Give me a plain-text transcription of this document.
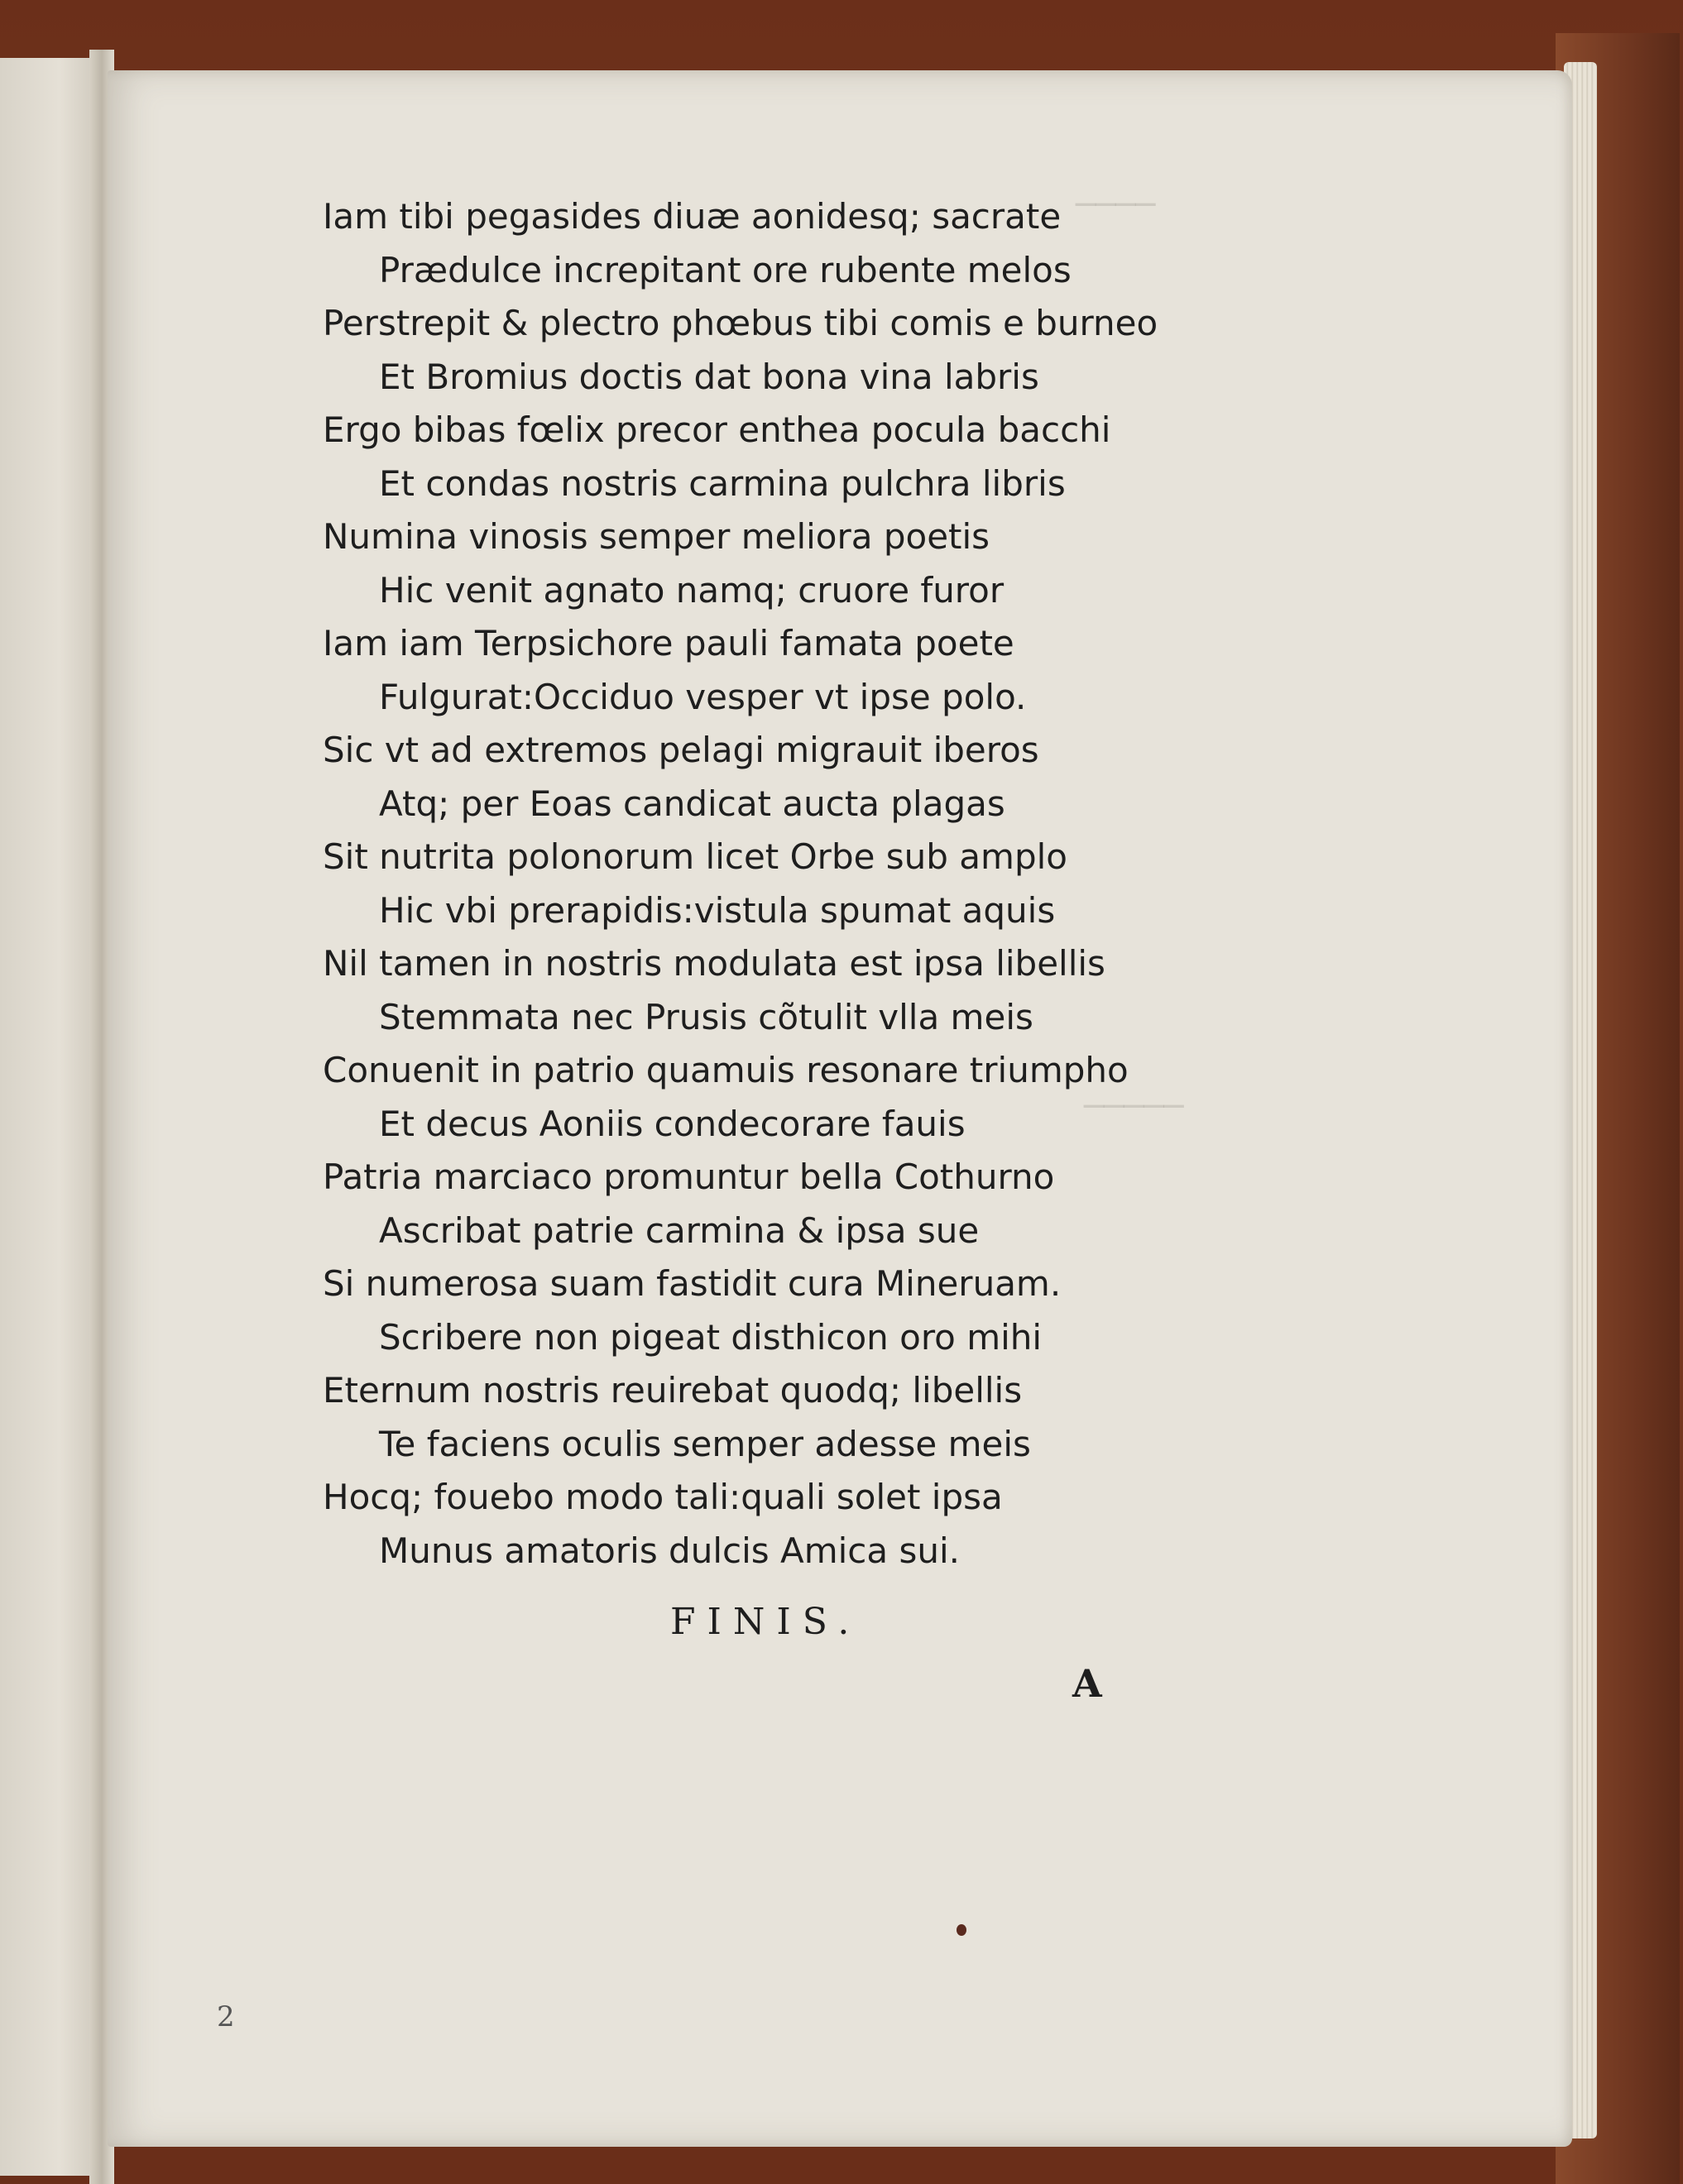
────
─────
Iam tibi pegasides diuæ aonidesq; sacrate
Prædulce increpitant ore rubente melos
Perstrepit & plectro phœbus tibi comis e burneo
Et Bromius doctis dat bona vina labris
Ergo bibas fœlix precor enthea pocula bacchi
Et condas nostris carmina pulchra libris
Numina vinosis semper meliora poetis
Hic venit agnato namq; cruore furor
Iam iam Terpsichore pauli famata poete
Fulgurat:Occiduo vesper vt ipse polo.
Sic vt ad extremos pelagi migrauit iberos
Atq; per Eoas candicat aucta plagas
Sit nutrita polonorum licet Orbe sub amplo
Hic vbi prerapidis:vistula spumat aquis
Nil tamen in nostris modulata est ipsa libellis
Stemmata nec Prusis cõtulit vlla meis
Conuenit in patrio quamuis resonare triumpho
Et decus Aoniis condecorare fauis
Patria marciaco promuntur bella Cothurno
Ascribat patrie carmina & ipsa sue
Si numerosa suam fastidit cura Mineruam.
Scribere non pigeat disthicon oro mihi
Eternum nostris reuirebat quodq; libellis
Te faciens oculis semper adesse meis
Hocq; fouebo modo tali:quali solet ipsa
Munus amatoris dulcis Amica sui.
FINIS.
A
2
